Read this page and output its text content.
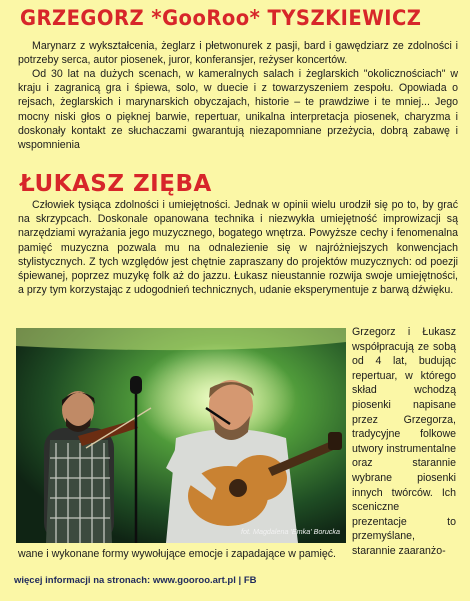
GRZEGORZ *GooRoo* TYSZKIEWICZ

Marynarz z wykształcenia, żeglarz i płetwonurek z pasji, bard i gawędziarz ze zdolności i potrzeby serca, autor piosenek, juror, konferansjer, reżyser koncertów.

Od 30 lat na dużych scenach, w kameralnych salach i żeglarskich "okolicznościach" w kraju i zagranicą gra i śpiewa, solo, w duecie i z towarzyszeniem zespołu. Opowiada o rejsach, żeglarskich i marynarskich obyczajach, historie – te prawdziwe i te mniej... Jego mocny niski głos o pięknej barwie, repertuar, unikalna interpretacja piosenek, charyzma i doskonały kontakt ze słuchaczami gwarantują niezapomniane przeżycia, dobrą zabawę i wspomnienia

ŁUKASZ ZIĘBA

Człowiek tysiąca zdolności i umiejętności. Jednak w opinii wielu urodził się po to, by grać na skrzypcach. Doskonale opanowana technika i niezwykła umiejętność improwizacji są narzędziami wyrażania jego muzycznego, bogatego wnętrza. Powyższe cechy i fenomenalna pamięć muzyczna pozwala mu na odnalezienie się w najróżniejszych konwencjach stylistycznych. Z tych względów jest chętnie zapraszany do projektów muzycznych: od poezji śpiewanej, poprzez muzykę folk aż do jazzu. Łukasz nieustannie rozwija swoje umiejętności, a przy tym korzystając z udogodnień technicznych, udanie eksperymentuje z barwą dźwięku.

fot. Magdalena 'Emka' Borucka

Grzegorz i Łukasz współpracują ze sobą od 4 lat, budując repertuar, w którego skład wchodzą piosenki napisane przez Grzegorza, tradycyjne folkowe utwory instrumentalne oraz starannie wybrane piosenki innych twórców. Ich sceniczne prezentacje to przemyślane, starannie zaaranżo-

wane i wykonane formy wywołujące emocje i zapadające w pamięć.

więcej informacji na stronach: www.gooroo.art.pl | FB
